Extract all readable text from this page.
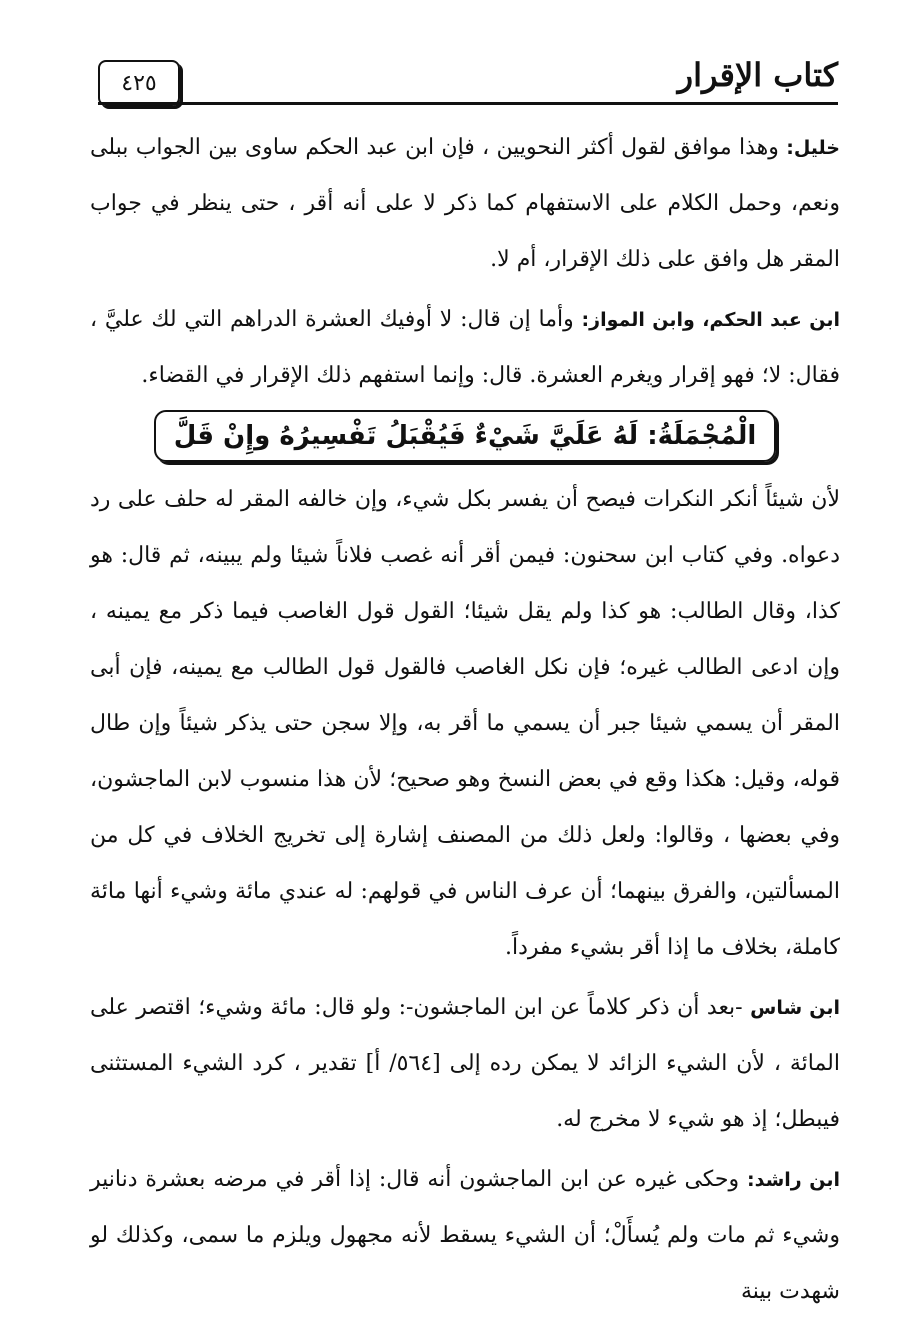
٤٢٥	كتاب الإقرار

خليل: وهذا موافق لقول أكثر النحويين ، فإن ابن عبد الحكم ساوى بين الجواب ببلى ونعم، وحمل الكلام على الاستفهام كما ذكر لا على أنه أقر ، حتى ينظر في جواب المقر هل وافق على ذلك الإقرار، أم لا.

ابن عبد الحكم، وابن المواز: وأما إن قال: لا أوفيك العشرة الدراهم التي لك عليَّ ، فقال: لا؛ فهو إقرار ويغرم العشرة. قال: وإنما استفهم ذلك الإقرار في القضاء.

الْمُجْمَلَةُ: لَهُ عَلَيَّ شَيْءٌ فَيُقْبَلُ تَفْسِيرُهُ وإِنْ قَلَّ

لأن شيئاً أنكر النكرات فيصح أن يفسر بكل شيء، وإن خالفه المقر له حلف على رد دعواه. وفي كتاب ابن سحنون: فيمن أقر أنه غصب فلاناً شيئا ولم يبينه، ثم قال: هو كذا، وقال الطالب: هو كذا ولم يقل شيئا؛ القول قول الغاصب فيما ذكر مع يمينه ، وإن ادعى الطالب غيره؛ فإن نكل الغاصب فالقول قول الطالب مع يمينه، فإن أبى المقر أن يسمي شيئا جبر أن يسمي ما أقر به، وإلا سجن حتى يذكر شيئاً وإن طال قوله، وقيل: هكذا وقع في بعض النسخ وهو صحيح؛ لأن هذا منسوب لابن الماجشون، وفي بعضها ، وقالوا: ولعل ذلك من المصنف إشارة إلى تخريج الخلاف في كل من المسألتين، والفرق بينهما؛ أن عرف الناس في قولهم: له عندي مائة وشيء أنها مائة كاملة، بخلاف ما إذا أقر بشيء مفرداً.

ابن شاس -بعد أن ذكر كلاماً عن ابن الماجشون-: ولو قال: مائة وشيء؛ اقتصر على المائة ، لأن الشيء الزائد لا يمكن رده إلى [٥٦٤/ أ] تقدير ، كرد الشيء المستثنى فيبطل؛ إذ هو شيء لا مخرج له.

ابن راشد: وحكى غيره عن ابن الماجشون أنه قال: إذا أقر في مرضه بعشرة دنانير وشيء ثم مات ولم يُسأَلْ؛ أن الشيء يسقط لأنه مجهول ويلزم ما سمى، وكذلك لو شهدت بينة
